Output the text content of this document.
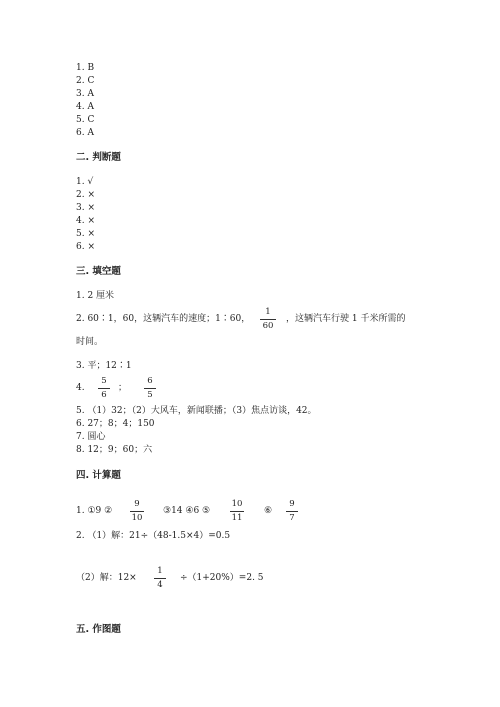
1. B
2. C
3. A
4. A
5. C
6. A
二. 判断题
1. √
2. ×
3. ×
4. ×
5. ×
6. ×
三. 填空题
1. 2 厘米
2. 60∶1，60，这辆汽车的速度；1∶60，
1
60
，这辆汽车行驶 1 千米所需的
时间。
3. 平；12∶1
4.
5
6
；
6
5
5. （1）32；（2）大风车，新闻联播；（3）焦点访谈，42。
6. 27；8；4；150
7. 圆心
8. 12；9；60；六
四. 计算题
1. ①9 ②
9
10
③14 ④6 ⑤
10
11
⑥
9
7
2. （1）解：21÷（48-1.5×4）=0.5
（2）解：12×
1
4
÷（1+20%）=2. 5
五. 作图题
